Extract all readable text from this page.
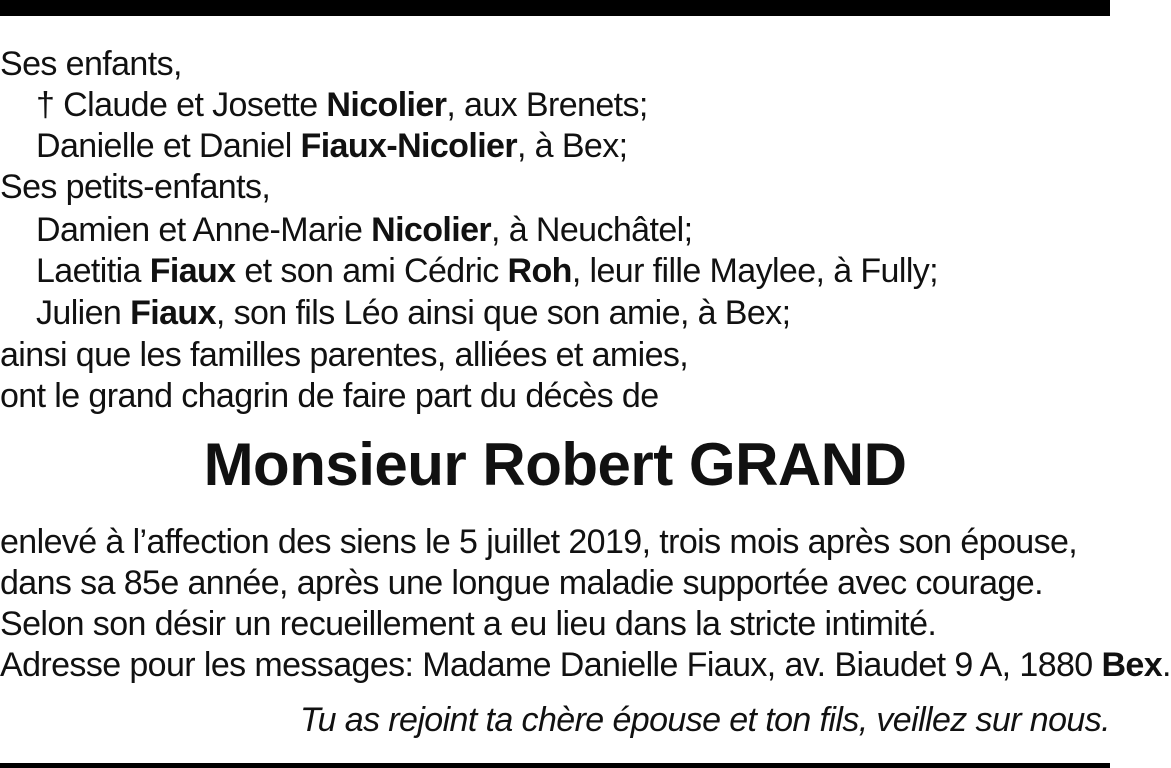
Ses enfants,
† Claude et Josette Nicolier, aux Brenets;
Danielle et Daniel Fiaux-Nicolier, à Bex;
Ses petits-enfants,
Damien et Anne-Marie Nicolier, à Neuchâtel;
Laetitia Fiaux et son ami Cédric Roh, leur fille Maylee, à Fully;
Julien Fiaux, son fils Léo ainsi que son amie, à Bex;
ainsi que les familles parentes, alliées et amies,
ont le grand chagrin de faire part du décès de
Monsieur Robert GRAND
enlevé à l’affection des siens le 5 juillet 2019, trois mois après son épouse,
dans sa 85e année, après une longue maladie supportée avec courage.
Selon son désir un recueillement a eu lieu dans la stricte intimité.
Adresse pour les messages: Madame Danielle Fiaux, av. Biaudet 9 A, 1880 Bex.
Tu as rejoint ta chère épouse et ton fils, veillez sur nous.
